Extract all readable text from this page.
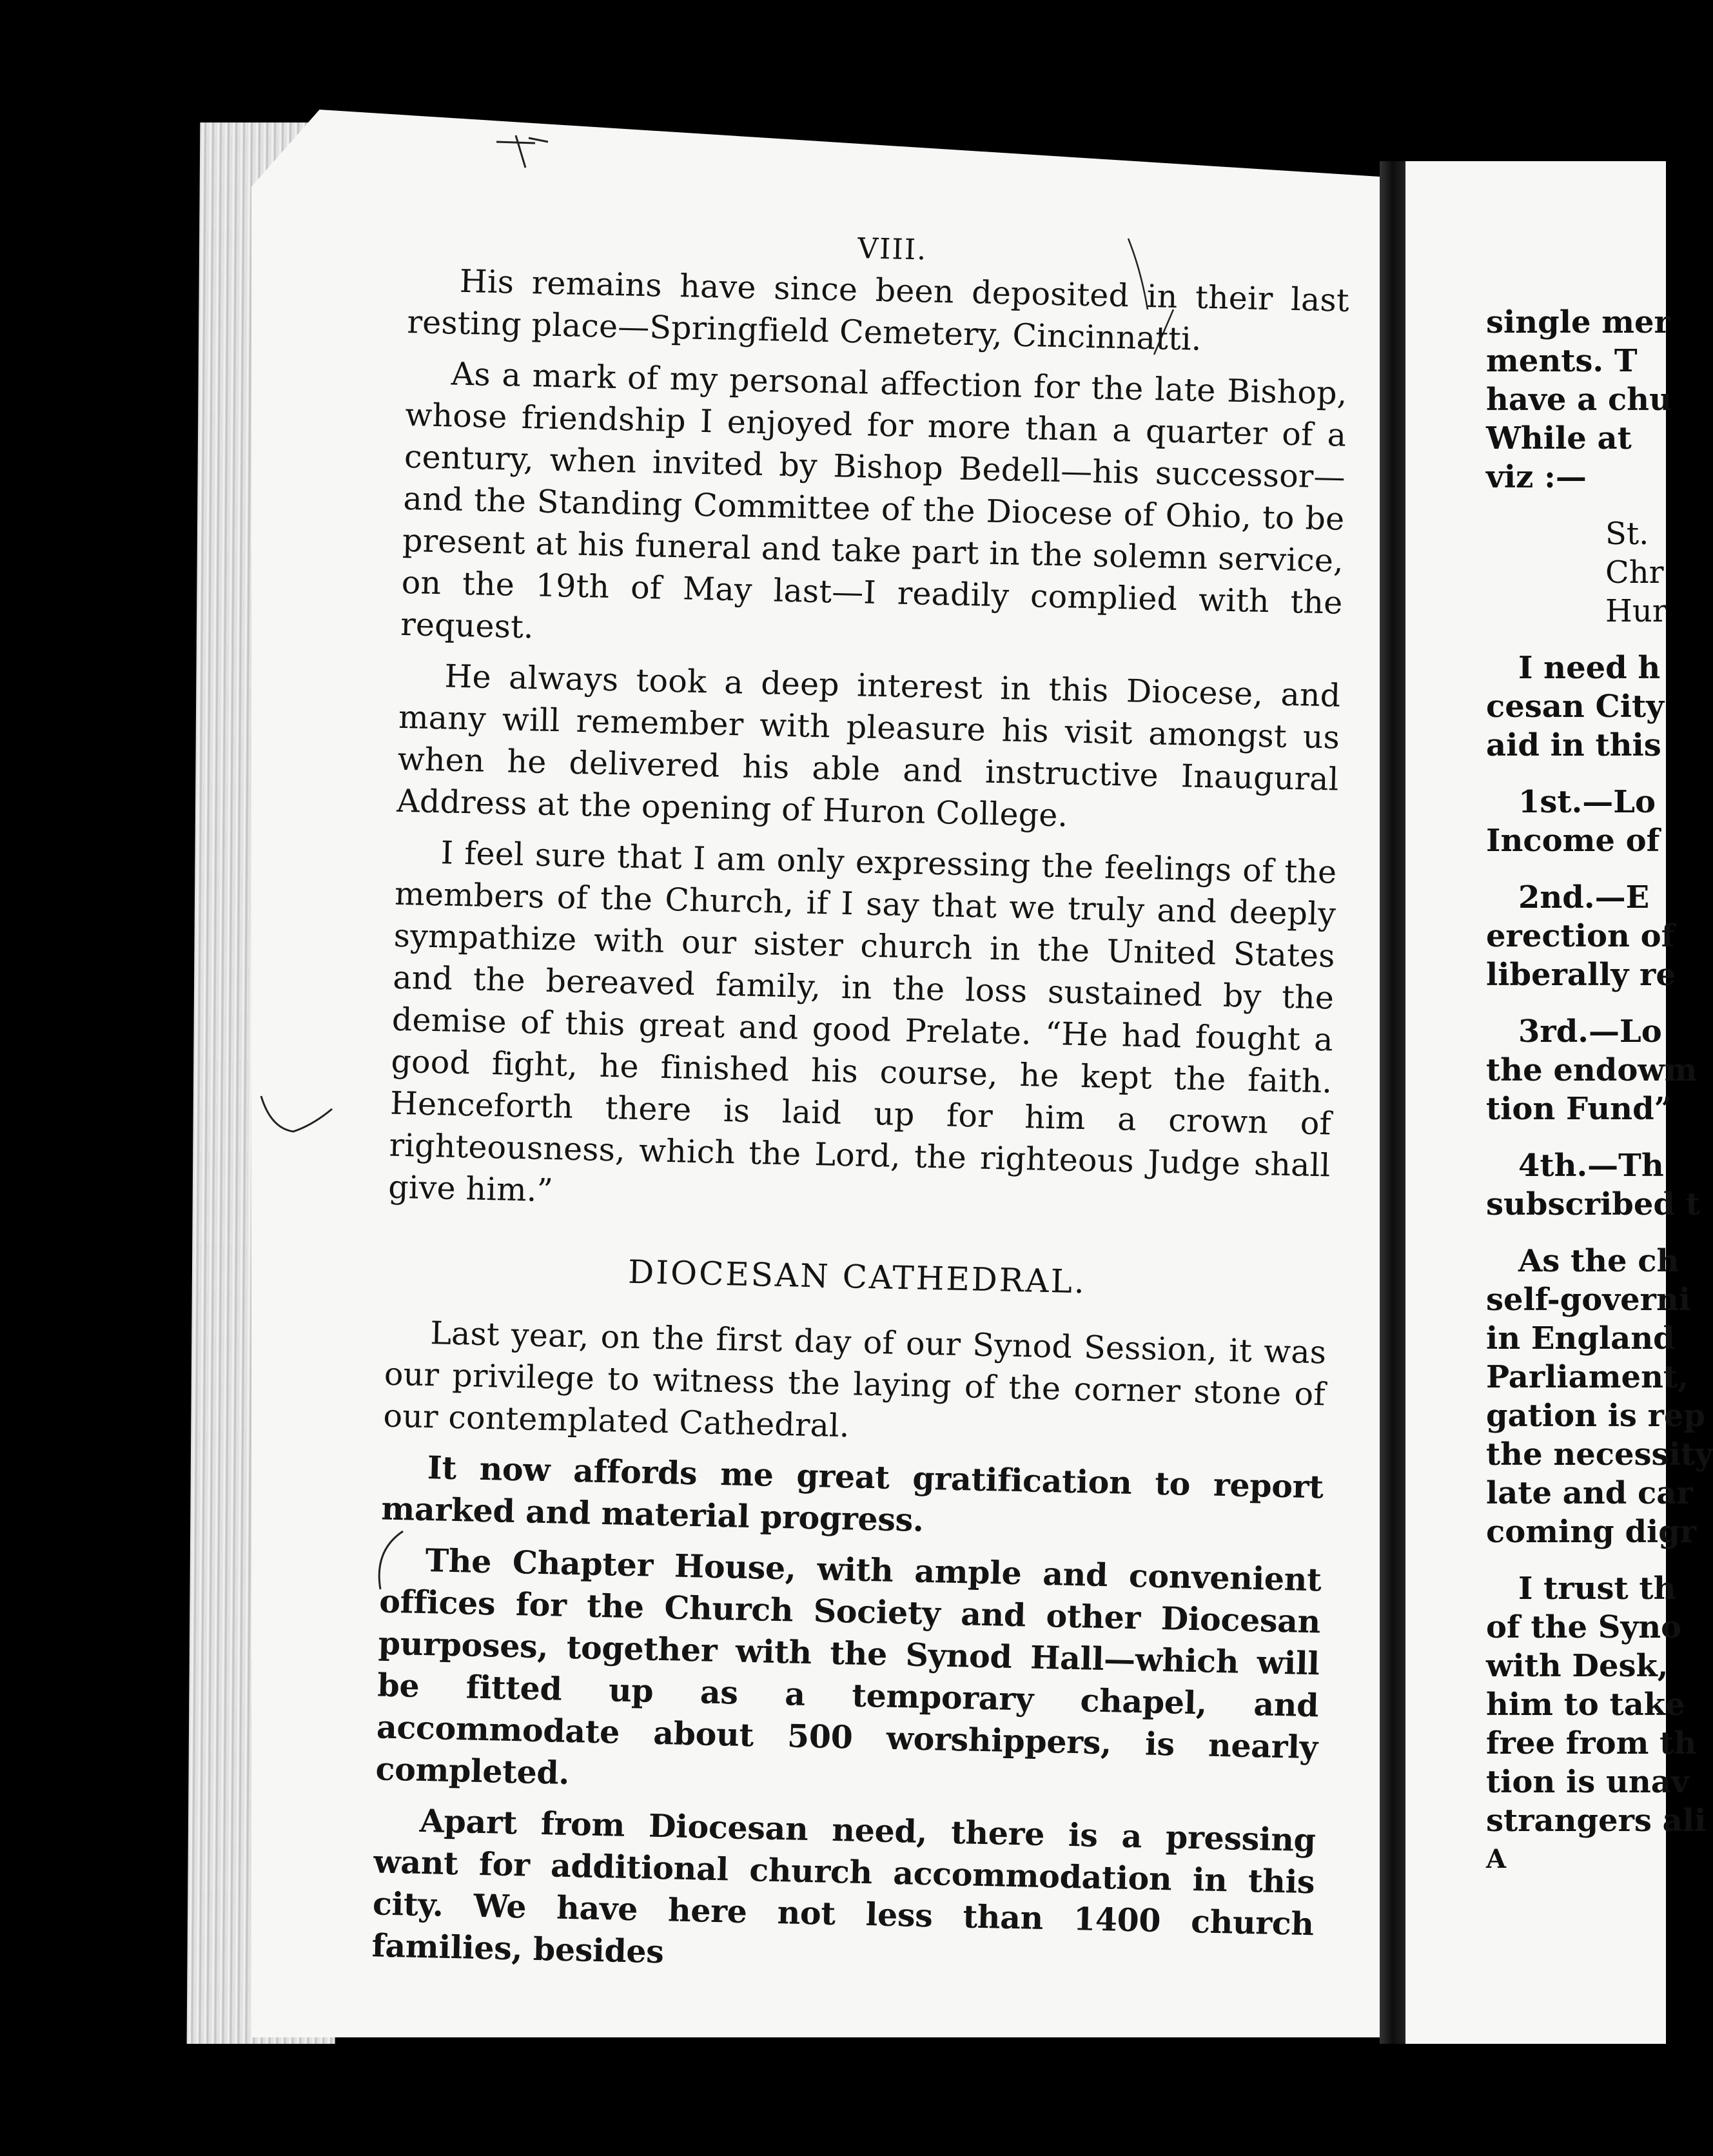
VIII.

His remains have since been deposited in their last resting place—Springfield Cemetery, Cincinnatti.

As a mark of my personal affection for the late Bishop, whose friendship I enjoyed for more than a quarter of a century, when invited by Bishop Bedell—his successor—and the Standing Committee of the Diocese of Ohio, to be present at his funeral and take part in the solemn service, on the 19th of May last—I readily complied with the request.

He always took a deep interest in this Diocese, and many will remember with pleasure his visit amongst us when he delivered his able and instructive Inaugural Address at the opening of Huron College.

I feel sure that I am only expressing the feelings of the members of the Church, if I say that we truly and deeply sympathize with our sister church in the United States and the bereaved family, in the loss sustained by the demise of this great and good Prelate. “He had fought a good fight, he finished his course, he kept the faith. Henceforth there is laid up for him a crown of righteousness, which the Lord, the righteous Judge shall give him.”

DIOCESAN CATHEDRAL.

Last year, on the first day of our Synod Session, it was our privilege to witness the laying of the corner stone of our contemplated Cathedral.

It now affords me great gratification to report marked and material progress.

The Chapter House, with ample and convenient offices for the Church Society and other Diocesan purposes, together with the Synod Hall—which will be fitted up as a temporary chapel, and accommodate about 500 worshippers, is nearly completed.

Apart from Diocesan need, there is a pressing want for additional church accommodation in this city. We have here not less than 1400 church families, besides

single mer
ments. T
have a chu
While at
viz :—
St.
Chr
Hur
I need h
cesan City
aid in this
1st.—Lo
Income of
2nd.—E
erection of
liberally re
3rd.—Lo
the endowm
tion Fund”
4th.—Th
subscribed t
As the ch
self-governi
in England
Parliament,
gation is rep
the necessity
late and car
coming digr
I trust th
of the Syno
with Desk,
him to take
free from th
tion is unav
strangers ali
A
